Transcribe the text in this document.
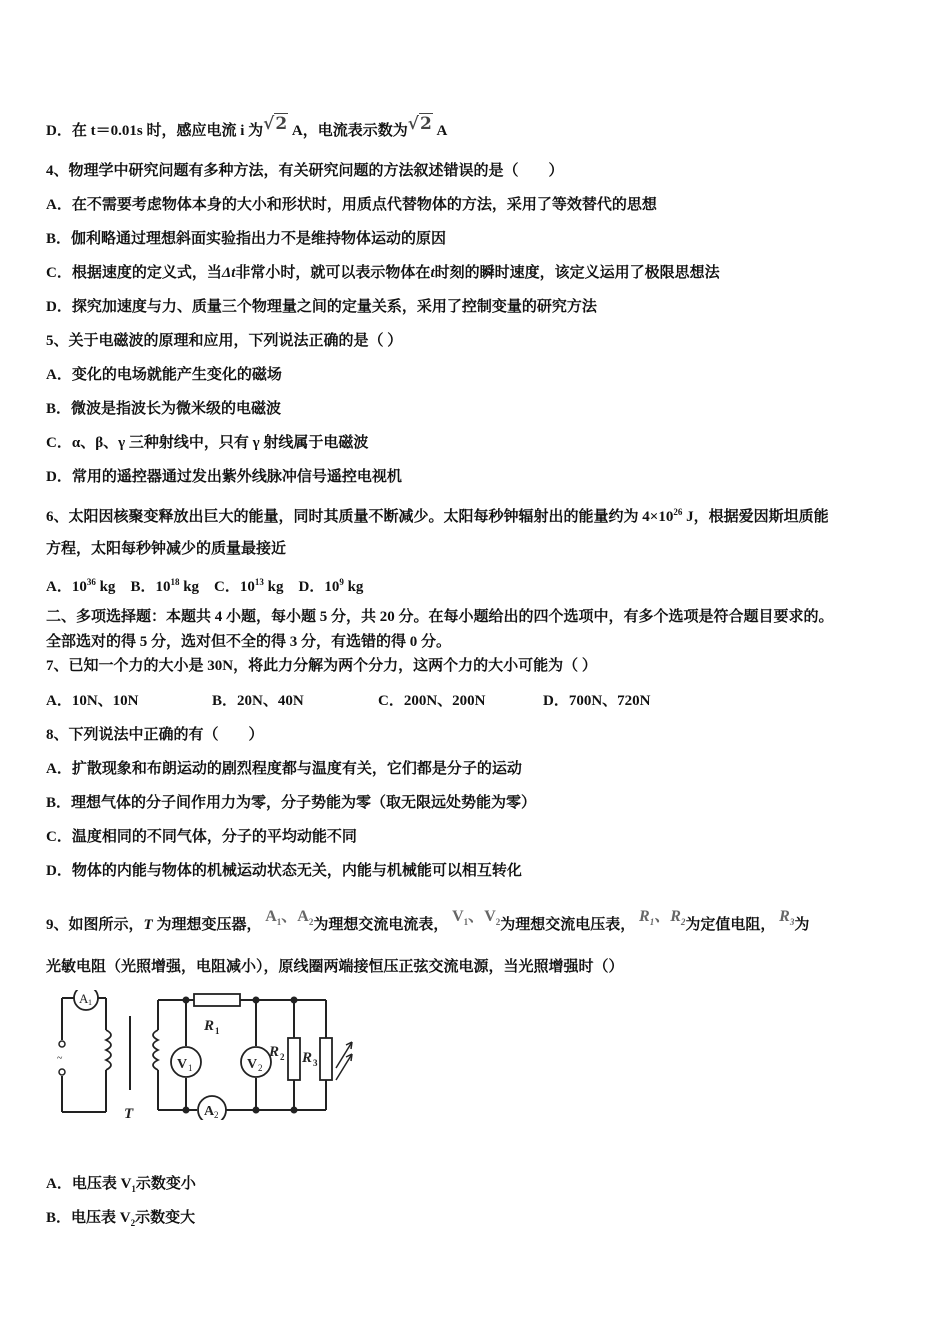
D．在 t＝0.01s 时，感应电流 i 为√2 A，电流表示数为√2 A
4、物理学中研究问题有多种方法，有关研究问题的方法叙述错误的是（　　）
A．在不需要考虑物体本身的大小和形状时，用质点代替物体的方法，采用了等效替代的思想
B．伽利略通过理想斜面实验指出力不是维持物体运动的原因
C．根据速度的定义式，当Δt非常小时，就可以表示物体在t时刻的瞬时速度，该定义运用了极限思想法
D．探究加速度与力、质量三个物理量之间的定量关系，采用了控制变量的研究方法
5、关于电磁波的原理和应用，下列说法正确的是（ ）
A．变化的电场就能产生变化的磁场
B．微波是指波长为微米级的电磁波
C．α、β、γ 三种射线中，只有 γ 射线属于电磁波
D．常用的遥控器通过发出紫外线脉冲信号遥控电视机
6、太阳因核聚变释放出巨大的能量，同时其质量不断减少。太阳每秒钟辐射出的能量约为 $4\times 10^{26}$ J，根据爱因斯坦质能
方程，太阳每秒钟减少的质量最接近
A．$10^{36}$ kg　B．$10^{18}$ kg　C．$10^{13}$ kg　D．$10^9$ kg
二、多项选择题：本题共 4 小题，每小题 5 分，共 20 分。在每小题给出的四个选项中，有多个选项是符合题目要求的。
全部选对的得 5 分，选对但不全的得 3 分，有选错的得 0 分。
7、已知一个力的大小是 30N，将此力分解为两个分力，这两个力的大小可能为（ ）
A．10N、10N	B．20N、40N	C．200N、200N	D．700N、720N
8、下列说法中正确的有（　　）
A．扩散现象和布朗运动的剧烈程度都与温度有关，它们都是分子的运动
B．理想气体的分子间作用力为零，分子势能为零（取无限远处势能为零）
C．温度相同的不同气体，分子的平均动能不同
D．物体的内能与物体的机械运动状态无关，内能与机械能可以相互转化
9、如图所示，T 为理想变压器， $A_1$、$A_2$为理想交流电流表， $V_1$、$V_2$为理想交流电压表， $R_1$、$R_2$为定值电阻， $R_3$为
光敏电阻（光照增强，电阻减小），原线圈两端接恒压正弦交流电源，当光照增强时（）
A 1
~
T
R 1
A 2
V 1	V 2
R 2 R 3
A．电压表 $V_1$示数变小
B．电压表 $V_2$示数变大
